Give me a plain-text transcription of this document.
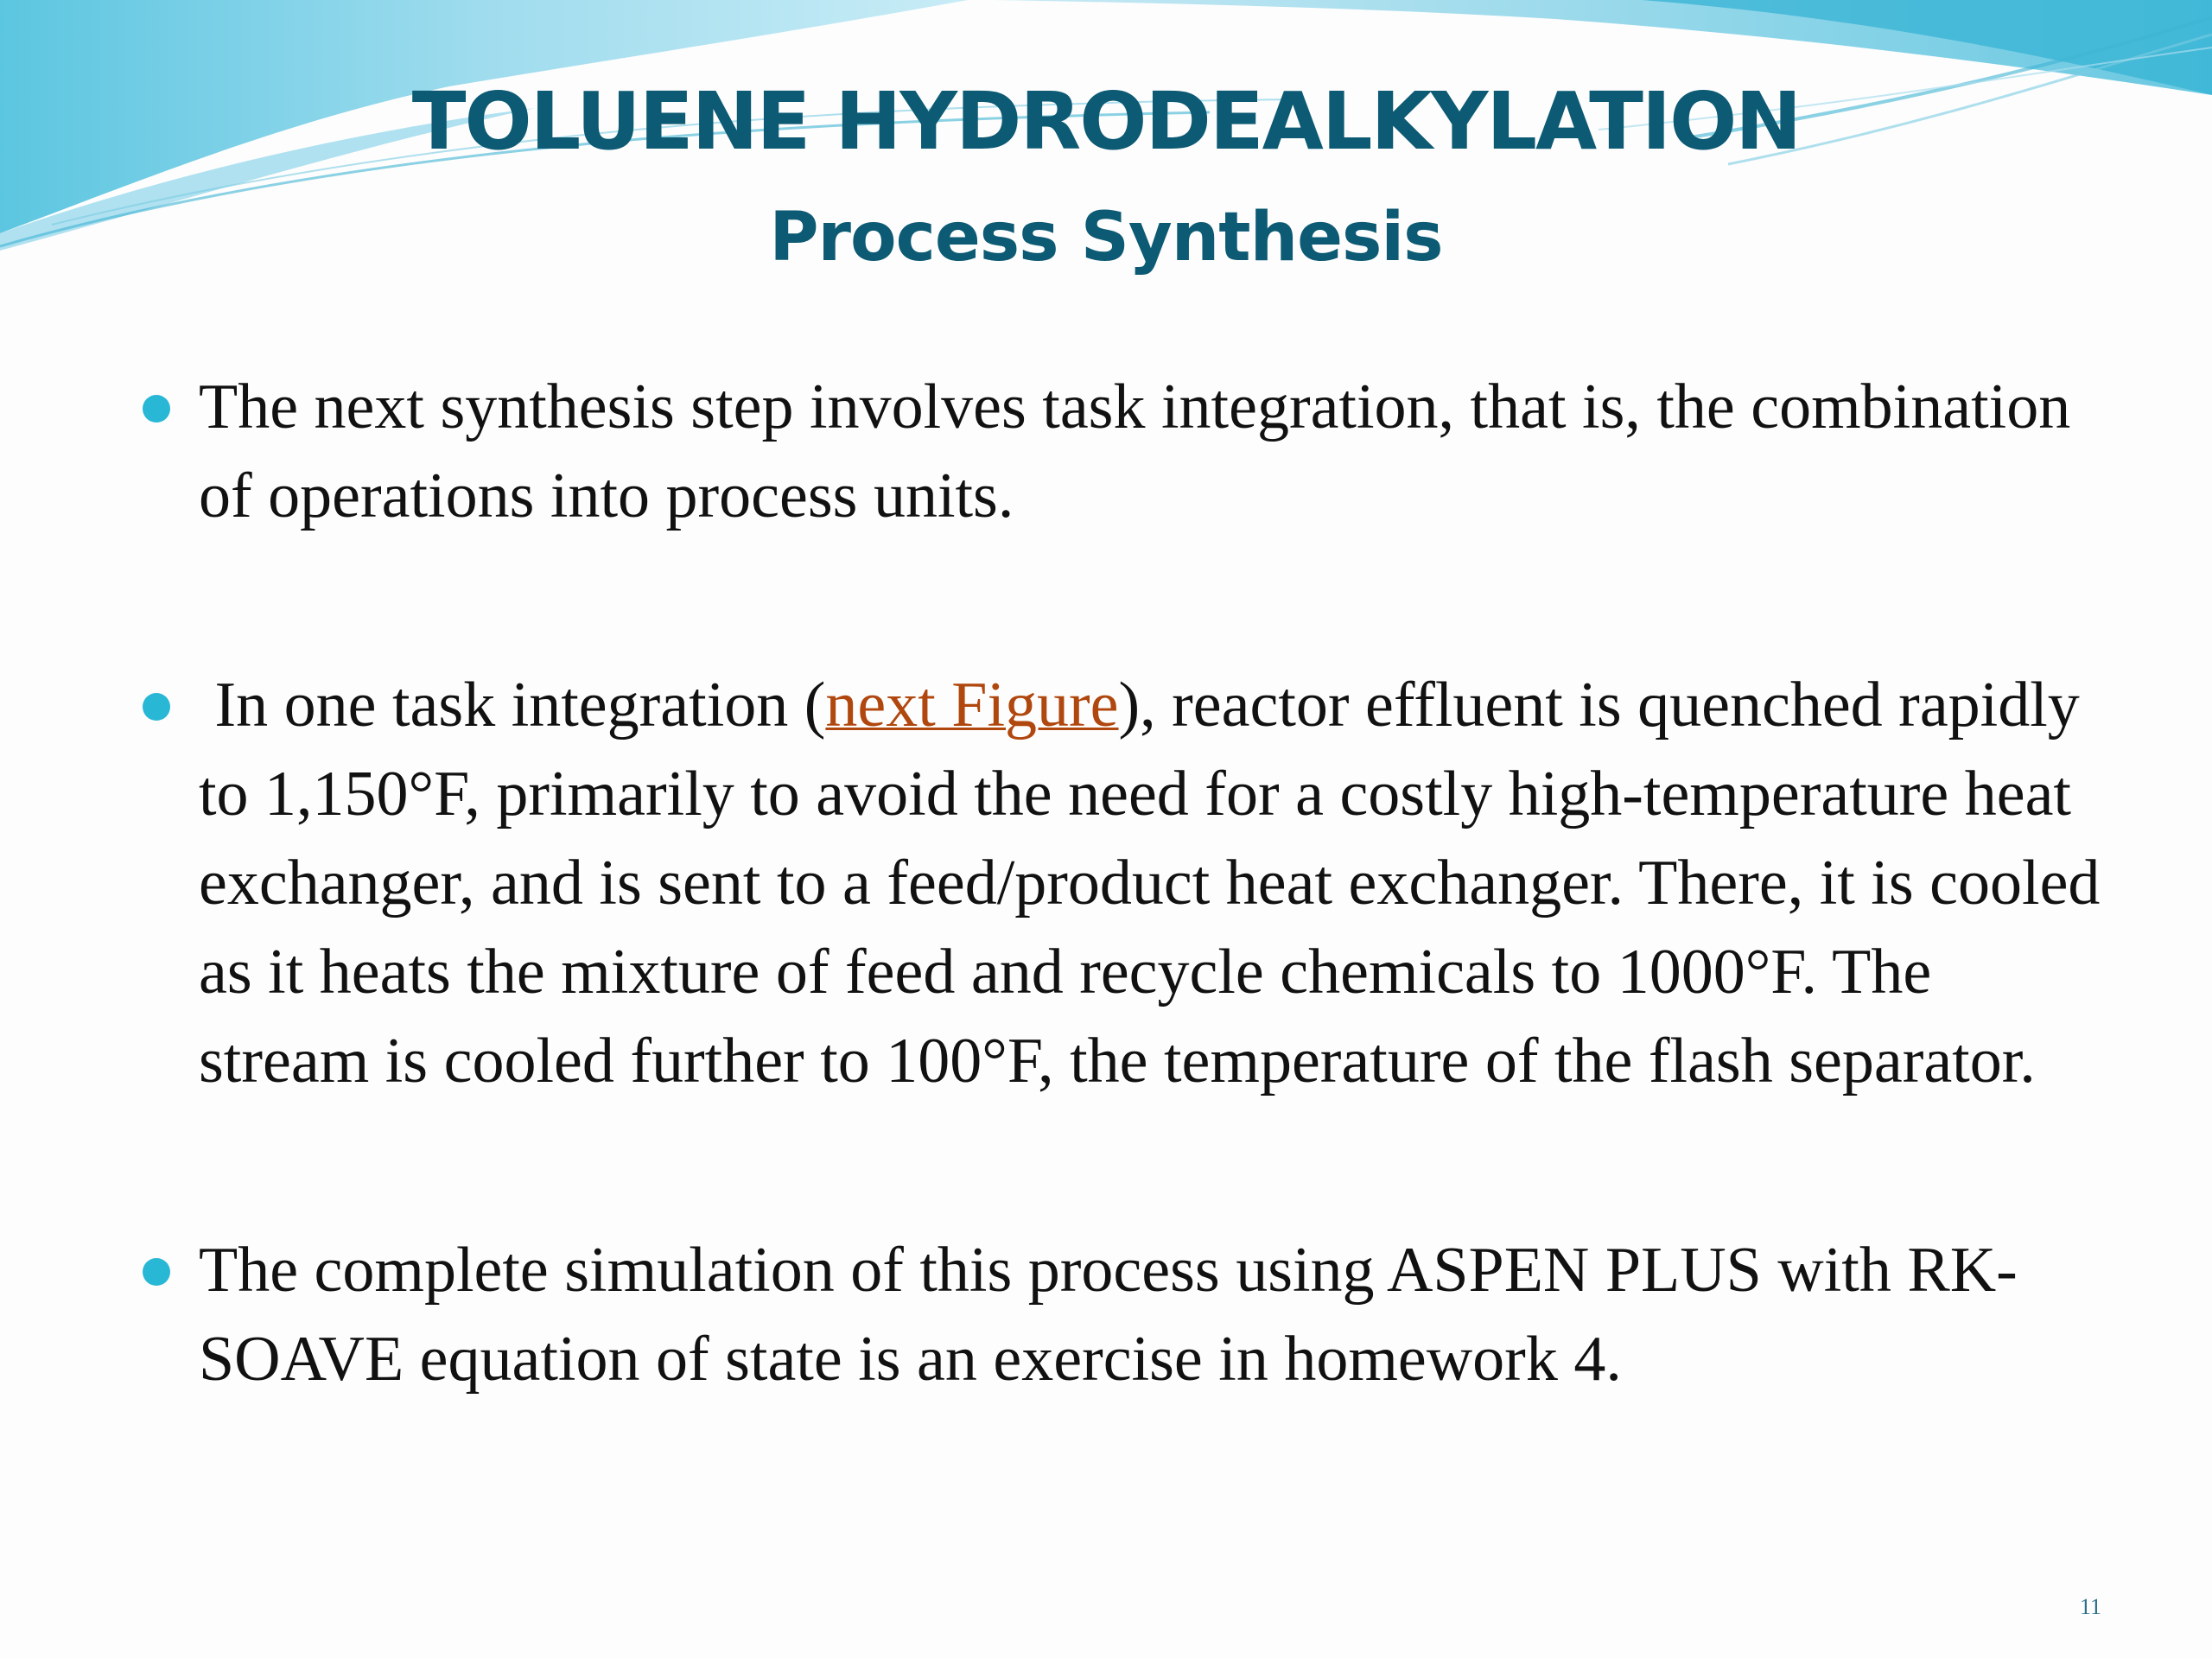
TOLUENE HYDRODEALKYLATION
Process Synthesis
The next synthesis step involves task integration, that is, the combination of operations into process units.
In one task integration (next Figure), reactor effluent is quenched rapidly to 1,150°F, primarily to avoid the need for a costly high-temperature heat exchanger, and is sent to a feed/product heat exchanger. There, it is cooled as it heats the mixture of feed and recycle chemicals to 1000°F. The stream is cooled further to 100°F, the temperature of the flash separator.
The complete simulation of this process using ASPEN PLUS with RK-SOAVE equation of state is an exercise in homework 4.
11
